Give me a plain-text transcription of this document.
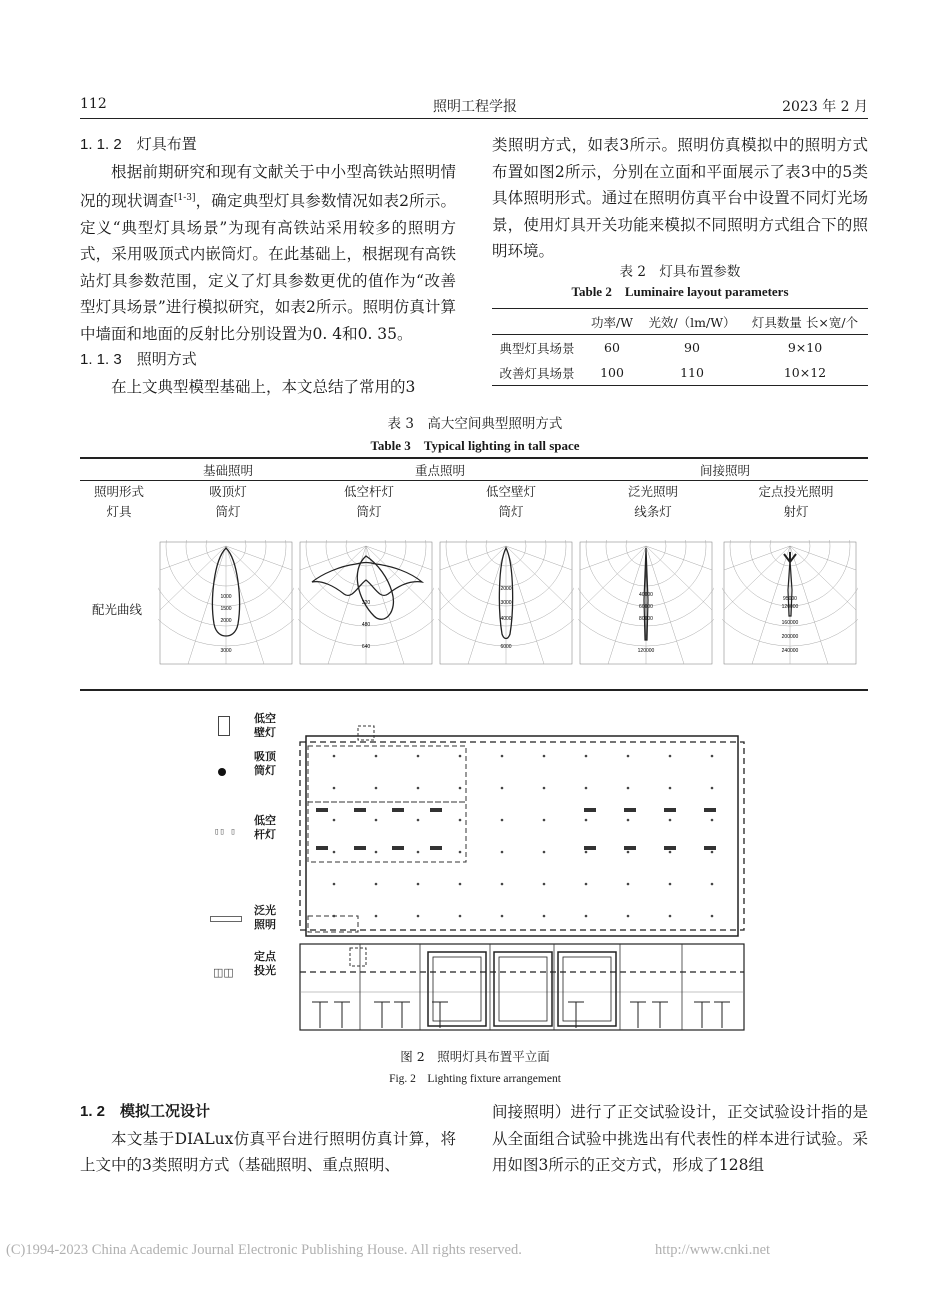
112	照明工程学报	2023 年 2 月

1. 1. 2　灯具布置

根据前期研究和现有文献关于中小型高铁站照明情况的现状调查[1-3]，确定典型灯具参数情况如表2所示。定义“典型灯具场景”为现有高铁站采用较多的照明方式，采用吸顶式内嵌筒灯。在此基础上，根据现有高铁站灯具参数范围，定义了灯具参数更优的值作为“改善型灯具场景”进行模拟研究，如表2所示。照明仿真计算中墙面和地面的反射比分别设置为0. 4和0. 35。

1. 1. 3　照明方式

在上文典型模型基础上，本文总结了常用的3

类照明方式，如表3所示。照明仿真模拟中的照明方式布置如图2所示，分别在立面和平面展示了表3中的5类具体照明形式。通过在照明仿真平台中设置不同灯光场景，使用灯具开关功能来模拟不同照明方式组合下的照明环境。

表 2　灯具布置参数
Table 2　Luminaire layout parameters
	功率/W	光效/（lm/W）	灯具数量 长×宽/个
典型灯具场景	60	90	9×10
改善灯具场景	100	110	10×12
表 3　高大空间典型照明方式
Table 3　Typical lighting in tall space
	基础照明	重点照明		间接照明	
照明形式	吸顶灯	低空杆灯	低空壁灯	泛光照明	定点投光照明
灯具	筒灯	筒灯	筒灯	线条灯	射灯
配光曲线
1000
1500
2000
3000
320
480
640
2000
3000
4000
6000
40000
60000
80000
120000
95000
120000
160000
200000
240000
低空壁灯
吸顶筒灯
▯▯ ▯
低空杆灯
泛光照明
◫◫
定点投光
图 2　照明灯具布置平立面
Fig. 2　Lighting fixture arrangement

1. 2　模拟工况设计

本文基于DIALux仿真平台进行照明仿真计算，将上文中的3类照明方式（基础照明、重点照明、

间接照明）进行了正交试验设计，正交试验设计指的是从全面组合试验中挑选出有代表性的样本进行试验。采用如图3所示的正交方式，形成了128组

(C)1994-2023 China Academic Journal Electronic Publishing House. All rights reserved.	http://www.cnki.net
